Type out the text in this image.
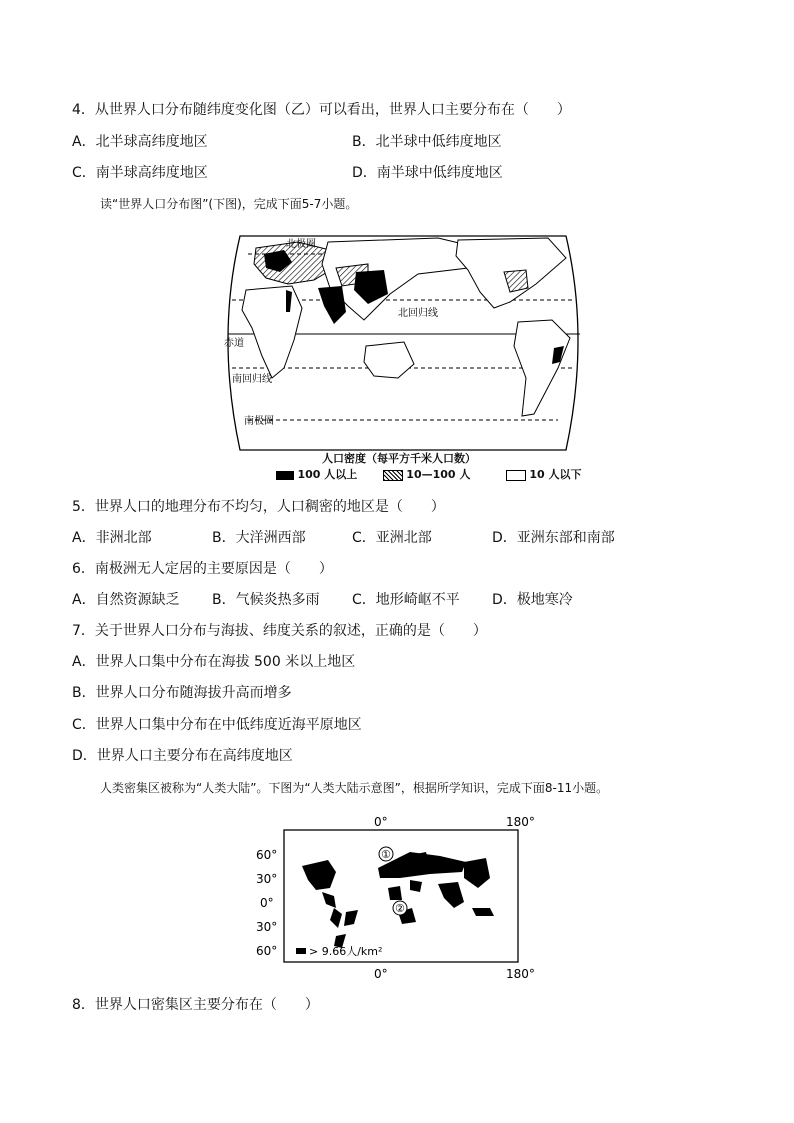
4．从世界人口分布随纬度变化图（乙）可以看出，世界人口主要分布在（　　）
A．北半球高纬度地区	B．北半球中低纬度地区
C．南半球高纬度地区	D．南半球中低纬度地区
读“世界人口分布图”(下图)，完成下面5-7小题。
北极圈
北回归线
赤道
南回归线
南极圈
人口密度（每平方千米人口数）
100 人以上	10—100 人	10 人以下
5．世界人口的地理分布不均匀，人口稠密的地区是（　　）
A．非洲北部	B．大洋洲西部	C．亚洲北部	D．亚洲东部和南部
6．南极洲无人定居的主要原因是（　　）
A．自然资源缺乏 B．气候炎热多雨 C．地形崎岖不平 D．极地寒冷
7．关于世界人口分布与海拔、纬度关系的叙述，正确的是（　　）
A．世界人口集中分布在海拔 500 米以上地区
B．世界人口分布随海拔升高而增多
C．世界人口集中分布在中低纬度近海平原地区
D．世界人口主要分布在高纬度地区
人类密集区被称为“人类大陆”。下图为“人类大陆示意图”，根据所学知识，完成下面8-11小题。
0°	180°
0°	180°
60°
30°
0°
30°
60°
①
②
> 9.66人/km²
8．世界人口密集区主要分布在（　　）
